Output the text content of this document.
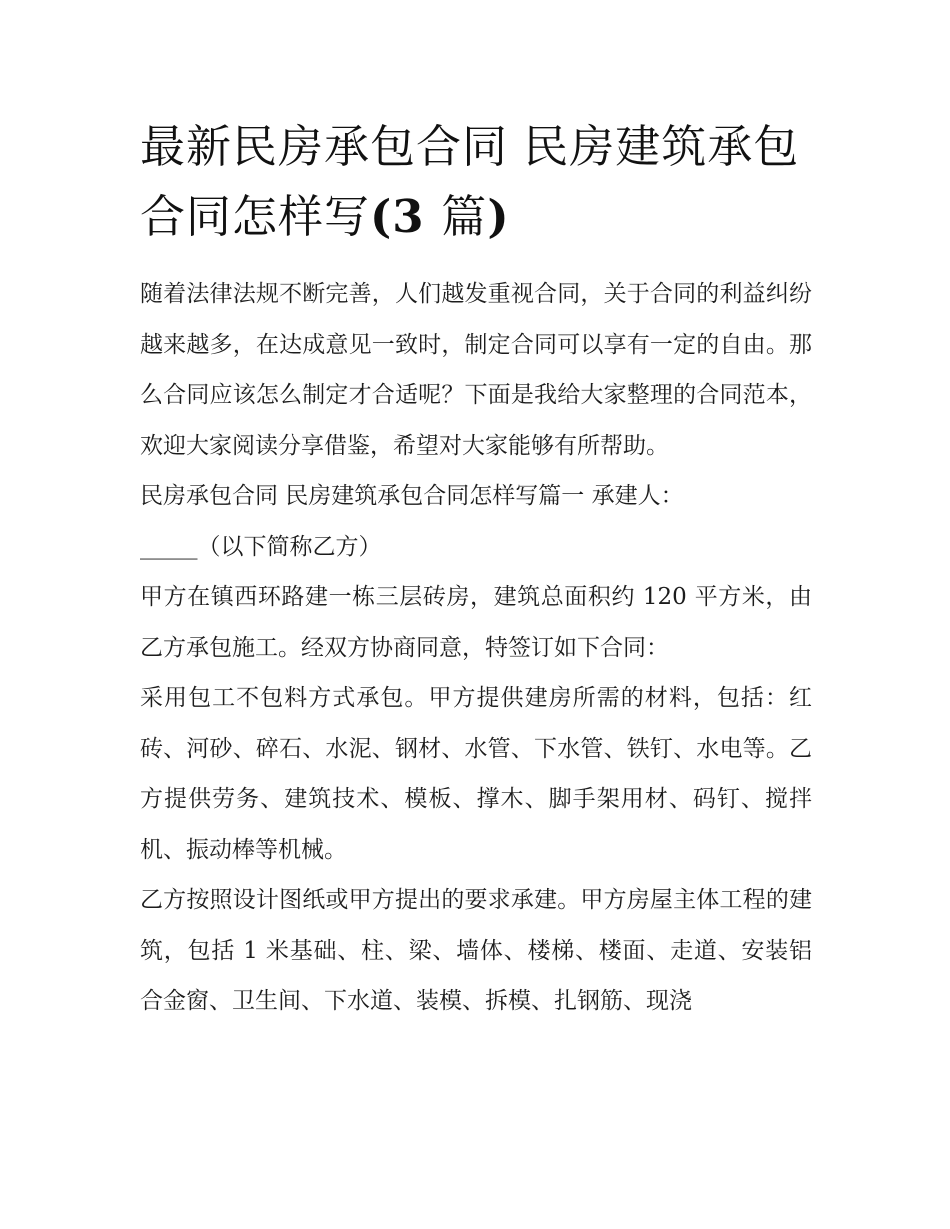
最新民房承包合同 民房建筑承包合同怎样写(3 篇)

随着法律法规不断完善，人们越发重视合同，关于合同的利益纠纷越来越多，在达成意见一致时，制定合同可以享有一定的自由。那么合同应该怎么制定才合适呢？下面是我给大家整理的合同范本，欢迎大家阅读分享借鉴，希望对大家能够有所帮助。

民房承包合同 民房建筑承包合同怎样写篇一 承建人：

_____（以下简称乙方）

甲方在镇西环路建一栋三层砖房，建筑总面积约 120 平方米，由乙方承包施工。经双方协商同意，特签订如下合同：

采用包工不包料方式承包。甲方提供建房所需的材料，包括：红砖、河砂、碎石、水泥、钢材、水管、下水管、铁钉、水电等。乙方提供劳务、建筑技术、模板、撑木、脚手架用材、码钉、搅拌机、振动棒等机械。

乙方按照设计图纸或甲方提出的要求承建。甲方房屋主体工程的建筑，包括 1 米基础、柱、梁、墙体、楼梯、楼面、走道、安装铝合金窗、卫生间、下水道、装模、拆模、扎钢筋、现浇
